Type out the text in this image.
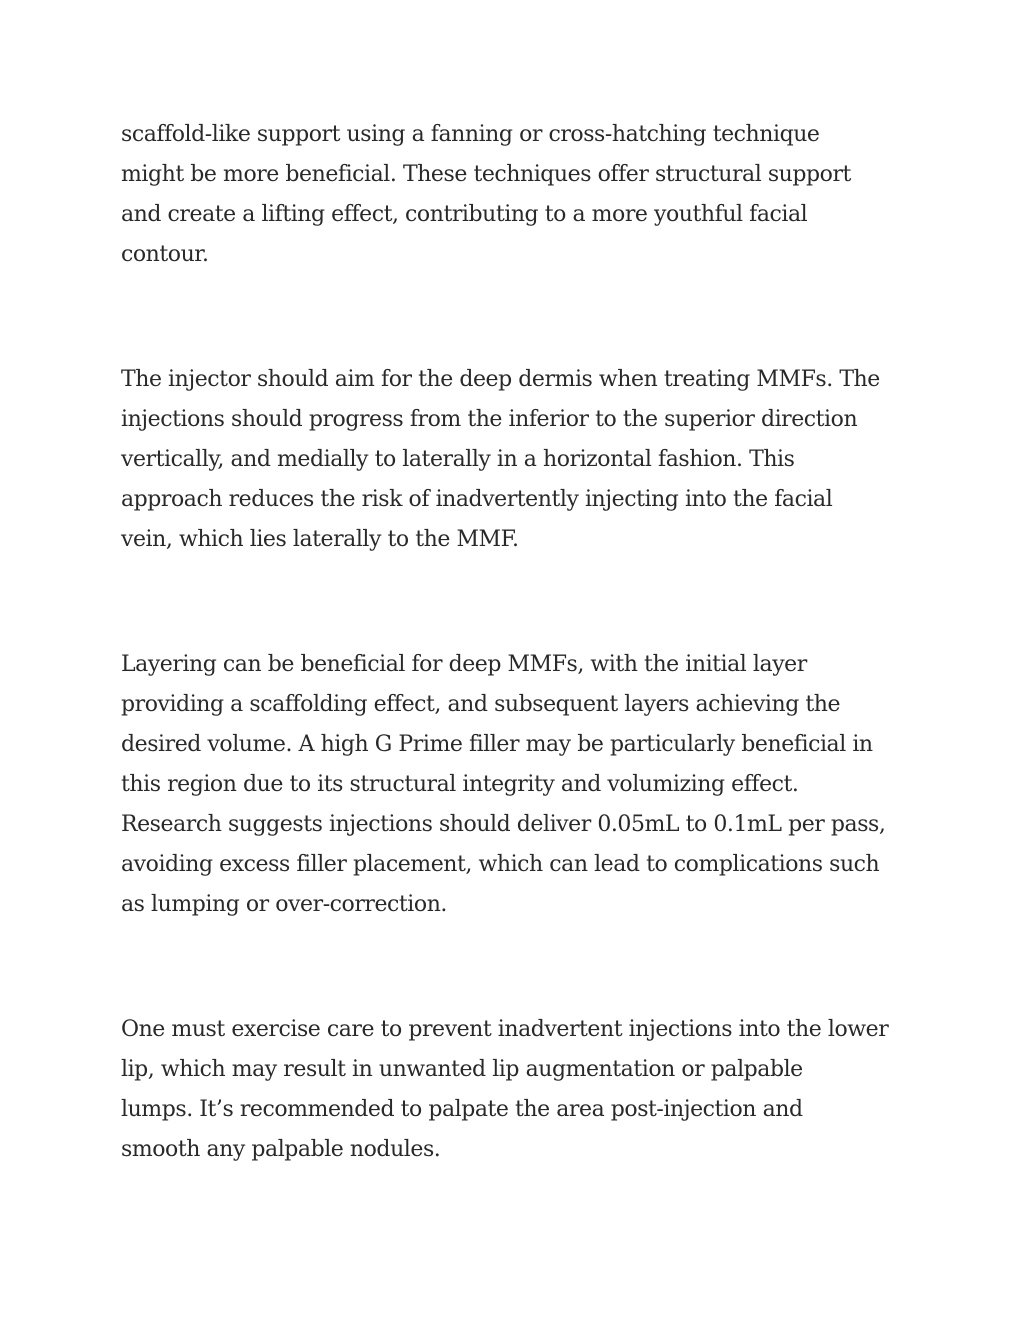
scaffold-like support using a fanning or cross-hatching technique
might be more beneficial. These techniques offer structural support
and create a lifting effect, contributing to a more youthful facial
contour.

The injector should aim for the deep dermis when treating MMFs. The
injections should progress from the inferior to the superior direction
vertically, and medially to laterally in a horizontal fashion. This
approach reduces the risk of inadvertently injecting into the facial
vein, which lies laterally to the MMF.

Layering can be beneficial for deep MMFs, with the initial layer
providing a scaffolding effect, and subsequent layers achieving the
desired volume. A high G Prime filler may be particularly beneficial in
this region due to its structural integrity and volumizing effect.
Research suggests injections should deliver 0.05mL to 0.1mL per pass,
avoiding excess filler placement, which can lead to complications such
as lumping or over-correction.

One must exercise care to prevent inadvertent injections into the lower
lip, which may result in unwanted lip augmentation or palpable
lumps. It’s recommended to palpate the area post-injection and
smooth any palpable nodules.
